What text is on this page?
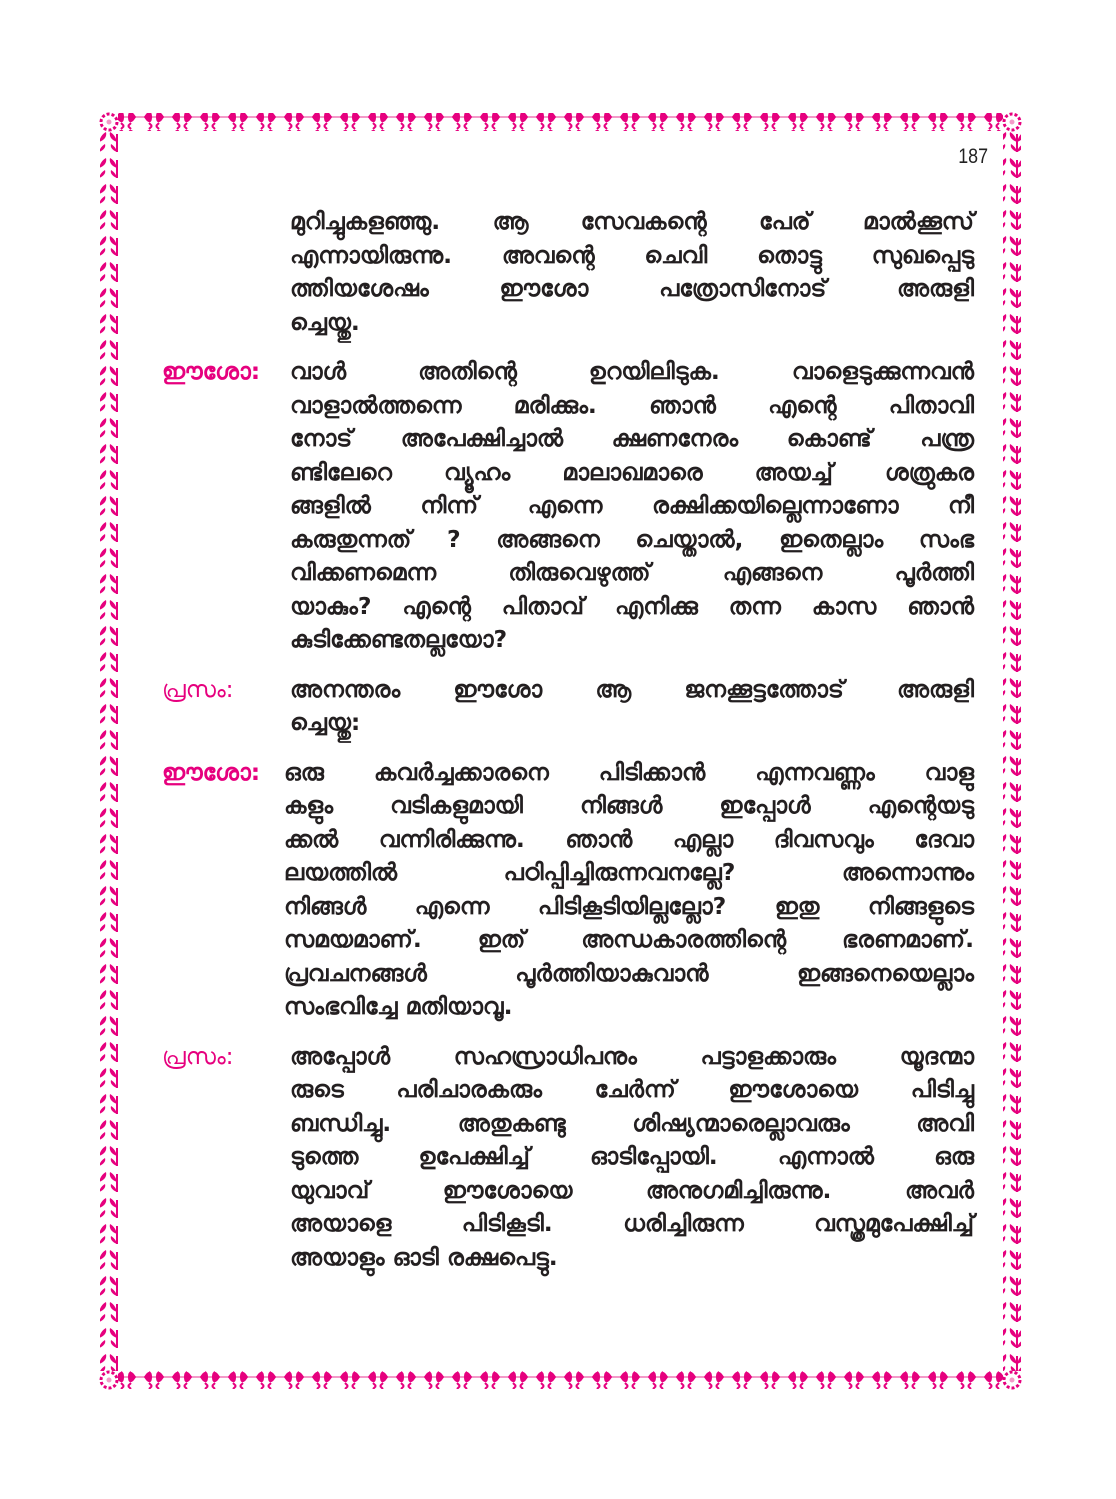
187
മുറിച്ചുകളഞ്ഞു. ആ സേവകന്റെ പേര് മാൽക്കൂസ്
എന്നായിരുന്നു. അവന്റെ ചെവി തൊട്ടു സുഖപ്പെടു
ത്തിയശേഷം ഈശോ പത്രോസിനോട് അരുളി
ച്ചെയ്തു.
ഈശോ:	വാൾ അതിന്റെ ഉറയിലിടുക. വാളെടുക്കുന്നവൻ
വാളാൽത്തന്നെ മരിക്കും. ഞാൻ എന്റെ പിതാവി
നോട് അപേക്ഷിച്ചാൽ ക്ഷണനേരം കൊണ്ട് പന്ത്ര
ണ്ടിലേറെ വ്യൂഹം മാലാഖമാരെ അയച്ച് ശത്രുകര
ങ്ങളിൽ നിന്ന് എന്നെ രക്ഷിക്കയില്ലെന്നാണോ നീ
കരുതുന്നത് ? അങ്ങനെ ചെയ്താൽ, ഇതെല്ലാം സംഭ
വിക്കണമെന്ന തിരുവെഴുത്ത് എങ്ങനെ പൂർത്തി
യാകും? എന്റെ പിതാവ് എനിക്കു തന്ന കാസ ഞാൻ
കുടിക്കേണ്ടതല്ലയോ?
പ്രസം:	അനന്തരം ഈശോ ആ ജനക്കൂട്ടത്തോട് അരുളി
ച്ചെയ്തു:
ഈശോ:	ഒരു കവർച്ചക്കാരനെ പിടിക്കാൻ എന്നവണ്ണം വാളു
കളും വടികളുമായി നിങ്ങൾ ഇപ്പോൾ എന്റെയടു
ക്കൽ വന്നിരിക്കുന്നു. ഞാൻ എല്ലാ ദിവസവും ദേവാ
ലയത്തിൽ പഠിപ്പിച്ചിരുന്നവനല്ലേ? അന്നൊന്നും
നിങ്ങൾ എന്നെ പിടികൂടിയില്ലല്ലോ? ഇതു നിങ്ങളുടെ
സമയമാണ്. ഇത് അന്ധകാരത്തിന്റെ ഭരണമാണ്.
പ്രവചനങ്ങൾ പൂർത്തിയാകുവാൻ ഇങ്ങനെയെല്ലാം
സംഭവിച്ചേ മതിയാവൂ.
പ്രസം:	അപ്പോൾ സഹസ്രാധിപനും പട്ടാളക്കാരും യൂദന്മാ
രുടെ പരിചാരകരും ചേർന്ന് ഈശോയെ പിടിച്ചു
ബന്ധിച്ചു. അതുകണ്ടു ശിഷ്യന്മാരെല്ലാവരും അവി
ടുത്തെ ഉപേക്ഷിച്ച് ഓടിപ്പോയി. എന്നാൽ ഒരു
യുവാവ് ഈശോയെ അനുഗമിച്ചിരുന്നു. അവർ
അയാളെ പിടികൂടി. ധരിച്ചിരുന്ന വസ്ത്രമുപേക്ഷിച്ച്
അയാളും ഓടി രക്ഷപെട്ടു.
